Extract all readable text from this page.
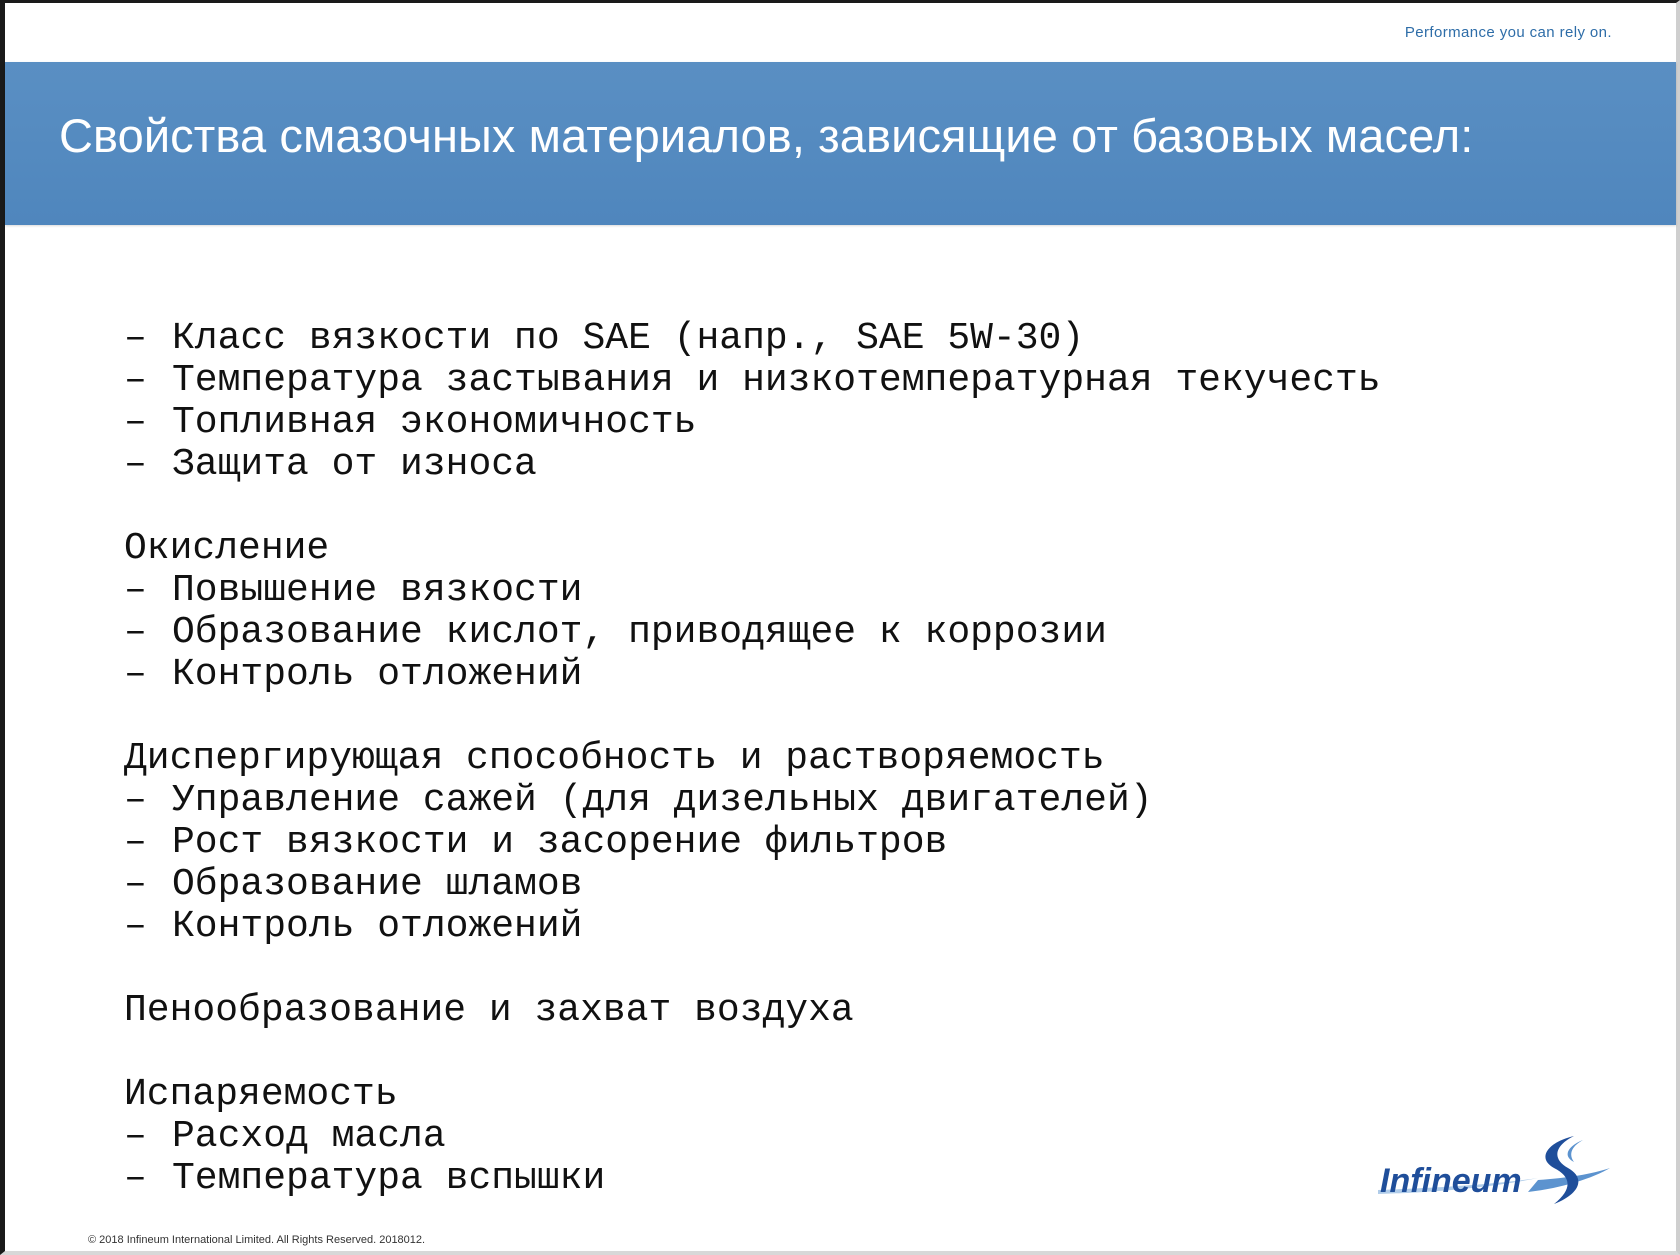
Performance you can rely on.
Свойства смазочных материалов, зависящие от базовых масел:
– Класс вязкости по SAE (напр., SAE 5W-30)
– Температура застывания и низкотемпературная текучесть
– Топливная экономичность
– Защита от износа
Окисление
– Повышение вязкости
– Образование кислот, приводящее к коррозии
– Контроль отложений
Диспергирующая способность и растворяемость
– Управление сажей (для дизельных двигателей)
– Рост вязкости и засорение фильтров
– Образование шламов
– Контроль отложений
Пенообразование и захват воздуха
Испаряемость
– Расход масла
– Температура вспышки	Infineum
© 2018 Infineum International Limited. All Rights Reserved. 2018012.
